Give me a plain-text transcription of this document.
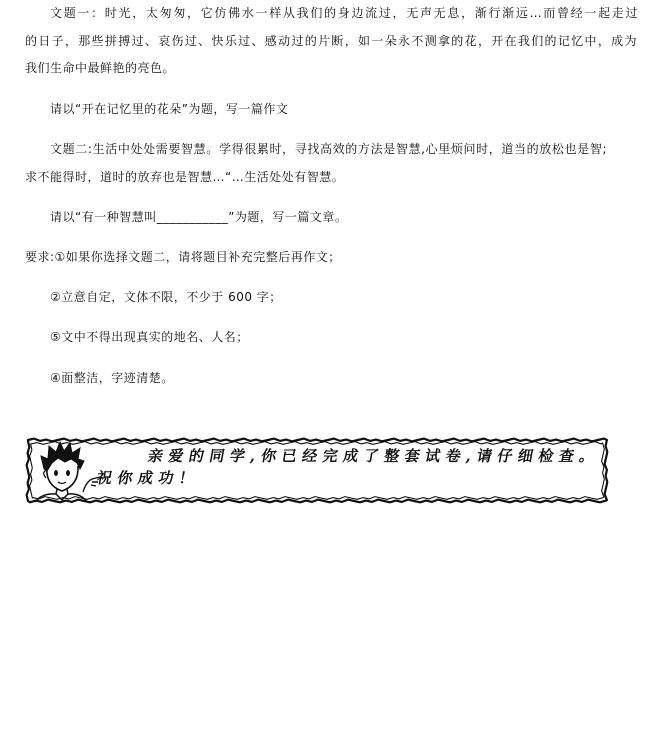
文题一：时光，太匆匆，它仿佛水一样从我们的身边流过，无声无息，渐行渐远…而曾经一起走过
的日子，那些拼搏过、哀伤过、快乐过、感动过的片断，如一朵永不测拿的花，开在我们的记忆中，成为
我们生命中最鲜艳的亮色。
请以“开在记忆里的花朵”为题，写一篇作文
文题二:生活中处处需要智慧。学得很累时，寻找高效的方法是智慧,心里烦问时，道当的放松也是智;
求不能得时，道时的放弃也是智慧…“…生活处处有智慧。
请以“有一种智慧叫___________”为题，写一篇文章。
要求:①如果你选择文题二，请将题目补充完整后再作文；
②立意自定，文体不限，不少于 600 字；
⑤文中不得出现真实的地名、人名；
④面整洁，字迹清楚。
亲爱的同学,你已经完成了整套试卷,请仔细检查。
祝你成功！
